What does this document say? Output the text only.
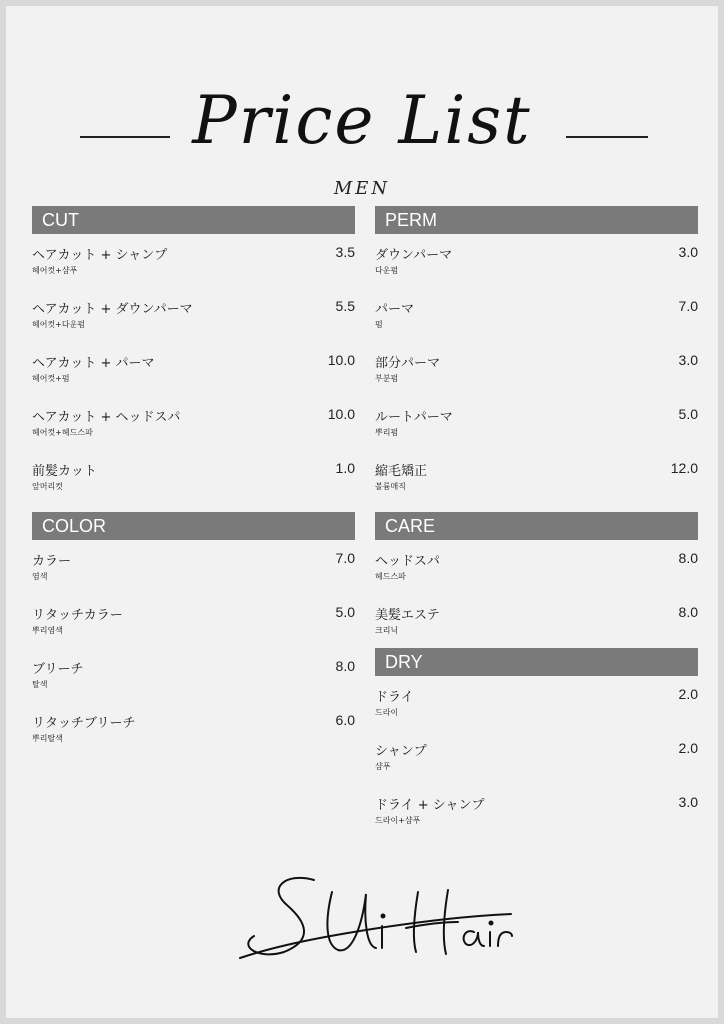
Price List
MEN
CUT
ヘアカット + シャンプ
헤어컷+샴푸
3.5
ヘアカット + ダウンパーマ
헤어컷+다운펌
5.5
ヘアカット + パーマ
헤어컷+펌
10.0
ヘアカット + ヘッドスパ
헤어컷+헤드스파
10.0
前髪カット
앞머리컷
1.0
PERM
ダウンパーマ
다운펌
3.0
パーマ
펌
7.0
部分パーマ
부분펌
3.0
ルートパーマ
뿌리펌
5.0
縮毛矯正
볼륨매직
12.0
COLOR
カラー
염색
7.0
リタッチカラー
뿌리염색
5.0
ブリーチ
탈색
8.0
リタッチブリーチ
뿌리탈색
6.0
CARE
ヘッドスパ
헤드스파
8.0
美髪エステ
크리닉
8.0
DRY
ドライ
드라이
2.0
シャンプ
샴푸
2.0
ドライ + シャンプ
드라이+샴푸
3.0
